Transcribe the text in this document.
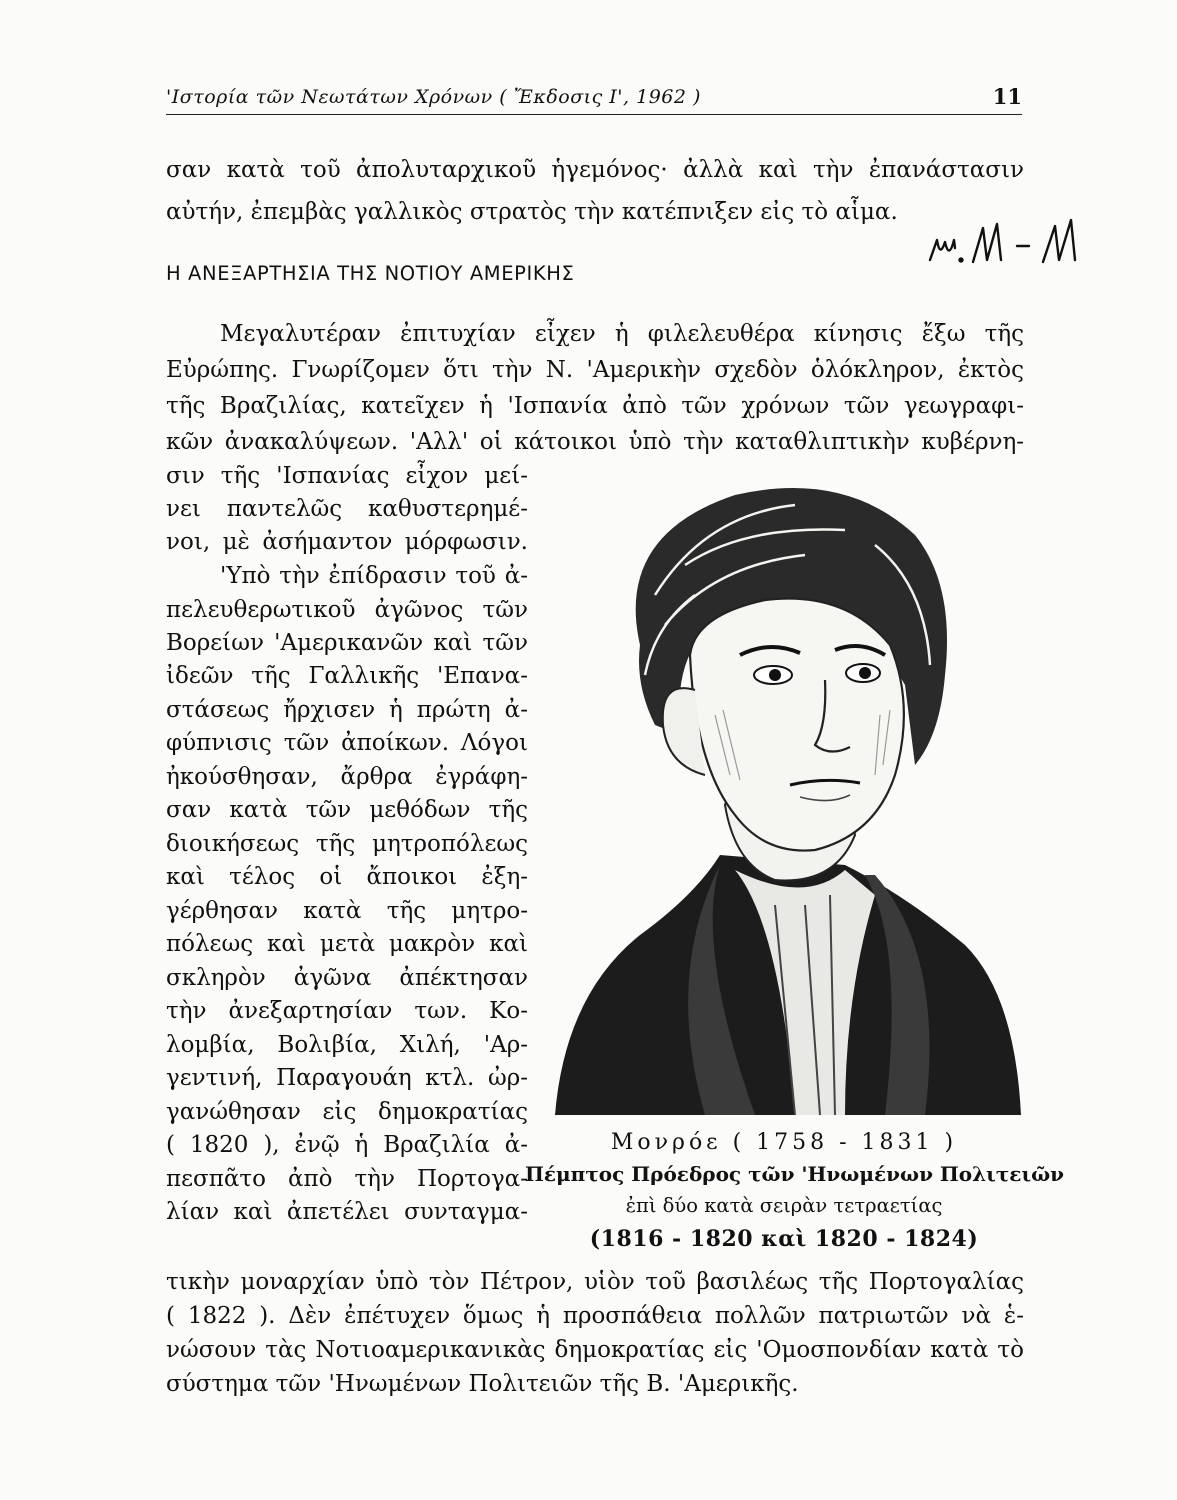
'Ιστορία τῶν Νεωτάτων Χρόνων ( Ἔκδοσις Ι', 1962 )	11
σαν κατὰ τοῦ ἀπολυταρχικοῦ ἡγεμόνος· ἀλλὰ καὶ τὴν ἐπανάστασιν
αὐτήν, ἐπεμβὰς γαλλικὸς στρατὸς τὴν κατέπνιξεν εἰς τὸ αἷμα.
Η ΑΝΕΞΑΡΤΗΣΙΑ ΤΗΣ ΝΟΤΙΟΥ ΑΜΕΡΙΚΗΣ
Μεγαλυτέραν ἐπιτυχίαν εἶχεν ἡ φιλελευθέρα κίνησις ἔξω τῆς
Εὐρώπης. Γνωρίζομεν ὅτι τὴν Ν. 'Αμερικὴν σχεδὸν ὁλόκληρον, ἐκτὸς
τῆς Βραζιλίας, κατεῖχεν ἡ 'Ισπανία ἀπὸ τῶν χρόνων τῶν γεωγραφι-
κῶν ἀνακαλύψεων. 'Αλλ' οἱ κάτοικοι ὑπὸ τὴν καταθλιπτικὴν κυβέρνη-
σιν τῆς 'Ισπανίας εἶχον μεί-
νει παντελῶς καθυστερημέ-
νοι, μὲ ἀσήμαντον μόρφωσιν.
'Υπὸ τὴν ἐπίδρασιν τοῦ ἀ-
πελευθερωτικοῦ ἀγῶνος τῶν
Βορείων 'Αμερικανῶν καὶ τῶν
ἰδεῶν τῆς Γαλλικῆς 'Επανα-
στάσεως ἤρχισεν ἡ πρώτη ἀ-
φύπνισις τῶν ἀποίκων. Λόγοι
ἠκούσθησαν, ἄρθρα ἐγράφη-
σαν κατὰ τῶν μεθόδων τῆς
διοικήσεως τῆς μητροπόλεως
καὶ τέλος οἱ ἄποικοι ἐξη-
γέρθησαν κατὰ τῆς μητρο-
πόλεως καὶ μετὰ μακρὸν καὶ
σκληρὸν ἀγῶνα ἀπέκτησαν
τὴν ἀνεξαρτησίαν των. Κο-
λομβία, Βολιβία, Χιλή, 'Αρ-
γεντινή, Παραγουάη κτλ. ὠρ-
γανώθησαν εἰς δημοκρατίας
( 1820 ), ἐνῷ ἡ Βραζιλία ἀ-
πεσπᾶτο ἀπὸ τὴν Πορτογα-
λίαν καὶ ἀπετέλει συνταγμα-
Μονρόε ( 1758 - 1831 )
Πέμπτος Πρόεδρος τῶν 'Ηνωμένων Πολιτειῶν
ἐπὶ δύο κατὰ σειρὰν τετραετίας
(1816 - 1820 καὶ 1820 - 1824)
τικὴν μοναρχίαν ὑπὸ τὸν Πέτρον, υἱὸν τοῦ βασιλέως τῆς Πορτογαλίας
( 1822 ). Δὲν ἐπέτυχεν ὅμως ἡ προσπάθεια πολλῶν πατριωτῶν νὰ ἑ-
νώσουν τὰς Νοτιοαμερικανικὰς δημοκρατίας εἰς 'Ομοσπονδίαν κατὰ τὸ
σύστημα τῶν 'Ηνωμένων Πολιτειῶν τῆς Β. 'Αμερικῆς.
